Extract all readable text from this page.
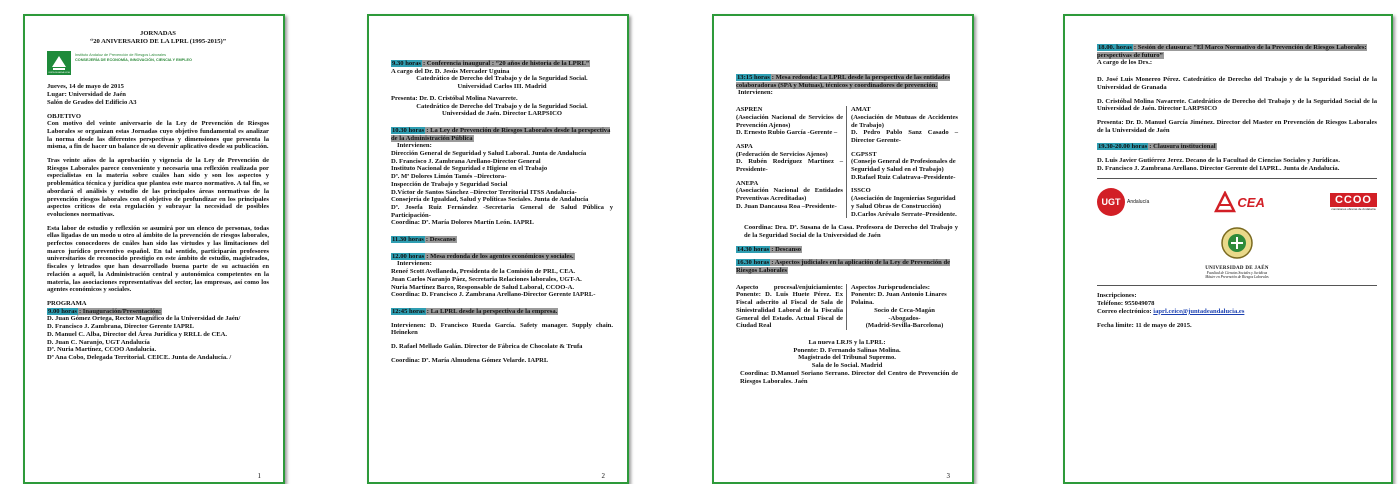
JORNADAS

“20 ANIVERSARIO DE LA LPRL (1995-2015)”

JUNTA DE ANDALUCIA
Instituto Andaluz de Prevención de Riesgos Laborales
CONSEJERÍA DE ECONOMÍA, INNOVACIÓN, CIENCIA Y EMPLEO

Jueves, 14 de mayo de 2015

Lugar: Universidad de Jaén

Salón de Grados del Edificio A3

OBJETIVO

Con motivo del veinte aniversario de la Ley de Prevención de Riesgos Laborales se organizan estas Jornadas cuyo objetivo fundamental es analizar la norma desde las diferentes perspectivas y dimensiones que presenta la misma, a fin de hacer un balance de su devenir aplicativo desde su publicación.

Tras veinte años de la aprobación y vigencia de la Ley de Prevención de Riesgos Laborales parece conveniente y necesaria una reflexión realizada por especialistas en la materia sobre cuáles han sido y son los aspectos y problemática técnica y jurídica que plantea este marco normativo. A tal fin, se abordará el análisis y estudio de las principales áreas normativas de la prevención riesgos laborales con el objetivo de profundizar en los principales aspectos críticos de esta regulación y subrayar la necesidad de posibles evoluciones normativas.

Esta labor de estudio y reflexión se asumirá por un elenco de personas, todas ellas ligadas de un modo u otro al ámbito de la prevención de riesgos laborales, perfectos conocedores de cuáles han sido las virtudes y las limitaciones del marco jurídico preventivo español. En tal sentido, participarán profesores universitarios de reconocido prestigio en este ámbito de estudio, magistrados, fiscales y letrados que han desarrollado buena parte de su actuación en relación a aquél, la Administración central y autonómica competentes en la materia, las asociaciones representativas del sector, las empresas, así como los agentes económicos y sociales.

PROGRAMA

9.00 horas : Inauguración/Presentación:

D. Juan Gómez Ortega, Rector Magnífico de la Universidad de Jaén/

D. Francisco J. Zambrana, Director Gerente IAPRL

D. Manuel C. Alba, Director del Área Jurídica y RRLL de CEA.

D. Juan C. Naranjo, UGT Andalucía

Dª. Nuria Martínez, CCOO Andalucía.

Dª Ana Cobo, Delegada Territorial. CEICE. Junta de Andalucía. /

1

9.30 horas : Conferencia inaugural : “20 años de historia de la LPRL”

A cargo del Dr. D. Jesús Mercader Uguina

Catedrático de Derecho del Trabajo y de la Seguridad Social.

Universidad Carlos III. Madrid

Presenta: Dr. D. Cristóbal Molina Navarrete.

Catedrático de Derecho del Trabajo y de la Seguridad Social.

Universidad de Jaén. Director LARPSICO

10.30 horas : La Ley de Prevención de Riesgos Laborales desde la perspectiva de la Administración Pública

Intervienen:

Dirección General de Seguridad y Salud Laboral. Junta de Andalucía

D. Francisco J. Zambrana Arellano-Director General

Instituto Nacional de Seguridad e Higiene en el Trabajo

Dª. Mª Dolores Limón Tamés –Directora-

Inspección de Trabajo y Seguridad Social

D.Víctor de Santos Sánchez –Director Territorial ITSS Andalucía-

Consejería de Igualdad, Salud y Políticas Sociales. Junta de Andalucía

Dª. Josefa Ruiz Fernández -Secretaria General de Salud Pública y Participación-

Coordina: Dª. María Dolores Martín León. IAPRL

11.30 horas : Descanso

12.00 horas : Mesa redonda de los agentes económicos y sociales.

Intervienen:

Reneé Scott Avellaneda, Presidenta de la Comisión de PRL, CEA.

Juan Carlos Naranjo Páez, Secretaria Relaciones laborales, UGT-A.

Nuria Martínez Barco, Responsable de Salud Laboral, CCOO-A.

Coordina: D. Francisco J. Zambrana Arellano-Director Gerente IAPRL-

12:45 horas : La LPRL desde la perspectiva de la empresa.

Intervienen: D. Francisco Rueda García. Safety manager. Supply chain. Heineken

D. Rafael Mellado Galán. Director de Fábrica de Chocolate & Trufa

Coordina: Dª. María Almudena Gómez Velarde. IAPRL

2

13:15 horas : Mesa redonda: La LPRL desde la perspectiva de las entidades colaboradoras (SPA y Mutuas), técnicos y coordinadores de prevención.

Intervienen:

ASPREN

(Asociación Nacional de Servicios de Prevención Ajenos)

D. Ernesto Rubio García -Gerente –

ASPA

(Federación de Servicios Ajenos)

D. Rubén Rodríguez Martínez –Presidente-

ANEPA

(Asociación Nacional de Entidades Preventivas Acreditadas)

D. Juan Dancausa Roa –Presidente-

AMAT

(Asociación de Mutuas de Accidentes de Trabajo)

D. Pedro Pablo Sanz Casado –Director Gerente-

CGPSST

(Consejo General de Profesionales de Seguridad y Salud en el Trabajo)

D.Rafael Ruiz Calatrava–Presidente-

ISSCO

(Asociación de Ingenierías Seguridad y Salud Obras de Construcción)

D.Carlos Arévalo Serrate–Presidente.

Coordina: Dra. Dª. Susana de la Casa. Profesora de Derecho del Trabajo y de la Seguridad Social de la Universidad de Jaén

14.30 horas : Descanso

16.30 horas : Aspectos judiciales en la aplicación de la Ley de Prevención de Riesgos Laborales

Aspecto procesal/enjuiciamiento: Ponente: D. Luis Huete Pérez. Ex Fiscal adscrito al Fiscal de Sala de Siniestralidad Laboral de la Fiscalía General del Estado. Actual Fiscal de Ciudad Real

Aspectos Jurisprudenciales:

Ponente: D. Juan Antonio Linares Polaina.

Socio de Ceca-Magán

-Abogados-

(Madrid-Sevilla-Barcelona)

La nueva LRJS y la LPRL:

Ponente: D. Fernando Salinas Molina.

Magistrado del Tribunal Supremo.

Sala de lo Social. Madrid

Coordina: D.Manuel Soriano Serrano. Director del Centro de Prevención de Riesgos Laborales. Jaén

3

18.00. horas : Sesión de clausura: “El Marco Normativo de la Prevención de Riesgos Laborales: perspectivas de futuro”

A cargo de los Drs.:

D. José Luis Monereo Pérez. Catedrático de Derecho del Trabajo y de la Seguridad Social de la Universidad de Granada

D. Cristóbal Molina Navarrete. Catedrático de Derecho del Trabajo y de la Seguridad Social de la Universidad de Jaén. Director LARPSICO

Presenta: Dr. D. Manuel García Jiménez. Director del Master en Prevención de Riesgos Laborales de la Universidad de Jaén

19.30-20.00 horas : Clausura institucional

D. Luis Javier Gutiérrez Jerez. Decano de la Facultad de Ciencias Sociales y Jurídicas.

D. Francisco J. Zambrana Arellano. Director Gerente del IAPRL. Junta de Andalucía.

UGT Andalucía	CEA	CCOO
comisiones obreras de Andalucía
UNIVERSIDAD DE JAÉN
Facultad de Ciencias Sociales y Jurídicas
Máster en Prevención de Riesgos Laborales

Inscripciones:

Teléfono: 955049078

Correo electrónico: iaprl.ceice@juntadeandalucia.es

Fecha límite: 11 de mayo de 2015.
